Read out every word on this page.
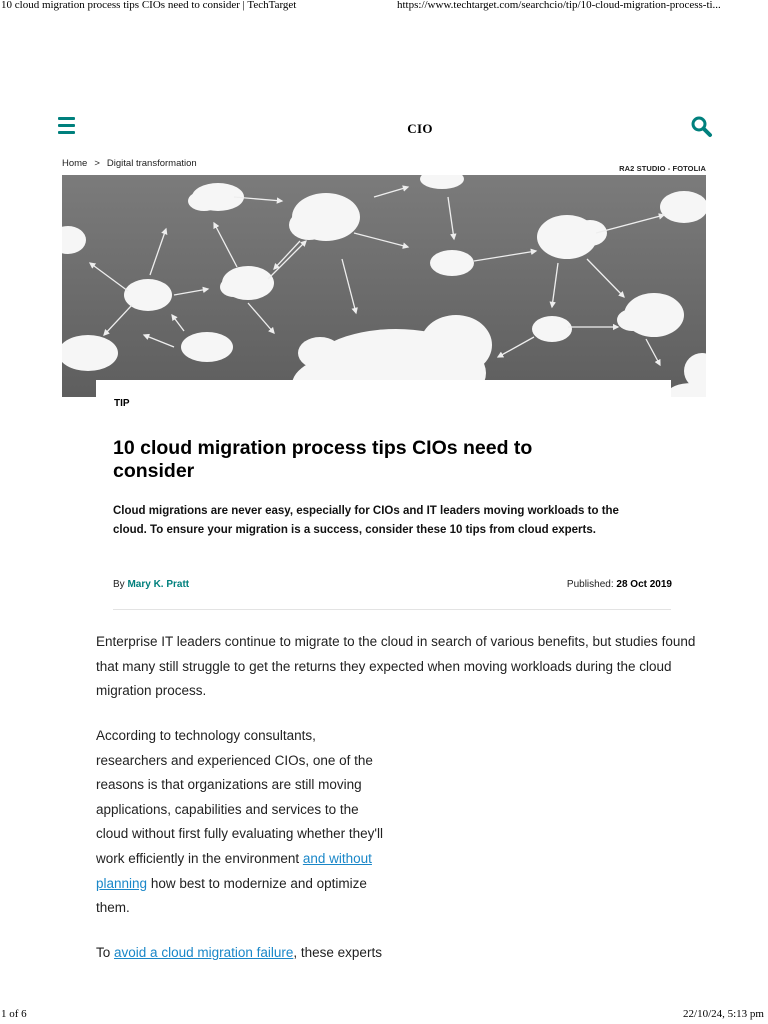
10 cloud migration process tips CIOs need to consider | TechTarget	https://www.techtarget.com/searchcio/tip/10-cloud-migration-process-ti...
CIO
Home > Digital transformation	RA2 STUDIO - FOTOLIA
TIP
10 cloud migration process tips CIOs need to consider

Cloud migrations are never easy, especially for CIOs and IT leaders moving workloads to the cloud. To ensure your migration is a success, consider these 10 tips from cloud experts.

By Mary K. Pratt	Published: 28 Oct 2019

Enterprise IT leaders continue to migrate to the cloud in search of various benefits, but studies found that many still struggle to get the returns they expected when moving workloads during the cloud migration process.

According to technology consultants, researchers and experienced CIOs, one of the reasons is that organizations are still moving applications, capabilities and services to the cloud without first fully evaluating whether they'll work efficiently in the environment and without planning how best to modernize and optimize them.

To avoid a cloud migration failure, these experts

1 of 6	22/10/24, 5:13 pm
